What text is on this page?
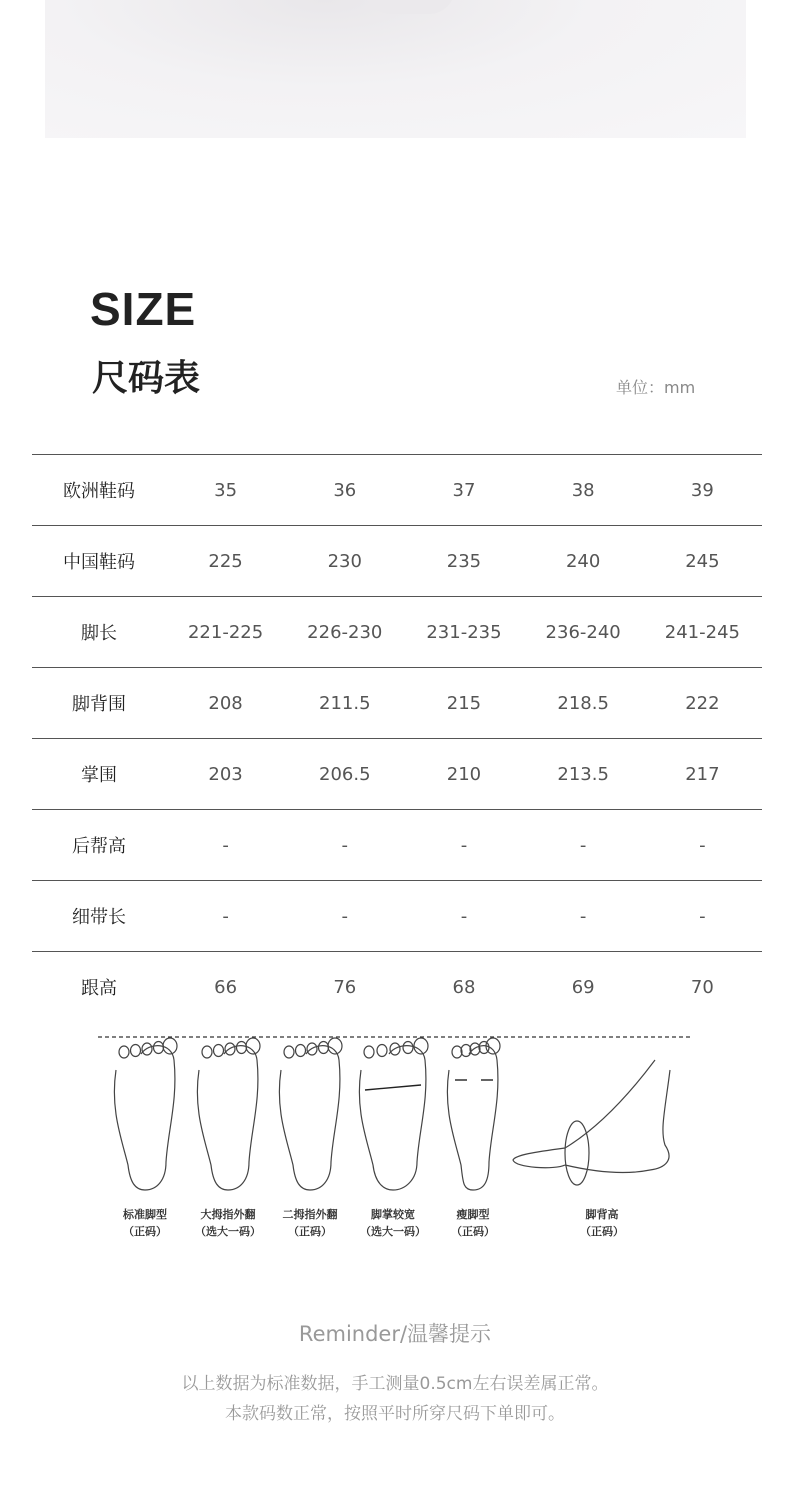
SIZE
尺码表	单位：mm
欧洲鞋码	35	36	37	38	39
中国鞋码	225	230	235	240	245
脚长	221-225	226-230	231-235	236-240	241-245
脚背围	208	211.5	215	218.5	222
掌围	203	206.5	210	213.5	217
后帮高	-	-	-	-	-
细带长	-	-	-	-	-
跟高	66	76	68	69	70
标准脚型
（正码）
大拇指外翻
（选大一码）
二拇指外翻
（正码）
脚掌较宽
（选大一码）
瘦脚型
（正码）
脚背高
（正码）
Reminder/温馨提示
以上数据为标准数据，手工测量0.5cm左右误差属正常。
本款码数正常，按照平时所穿尺码下单即可。
